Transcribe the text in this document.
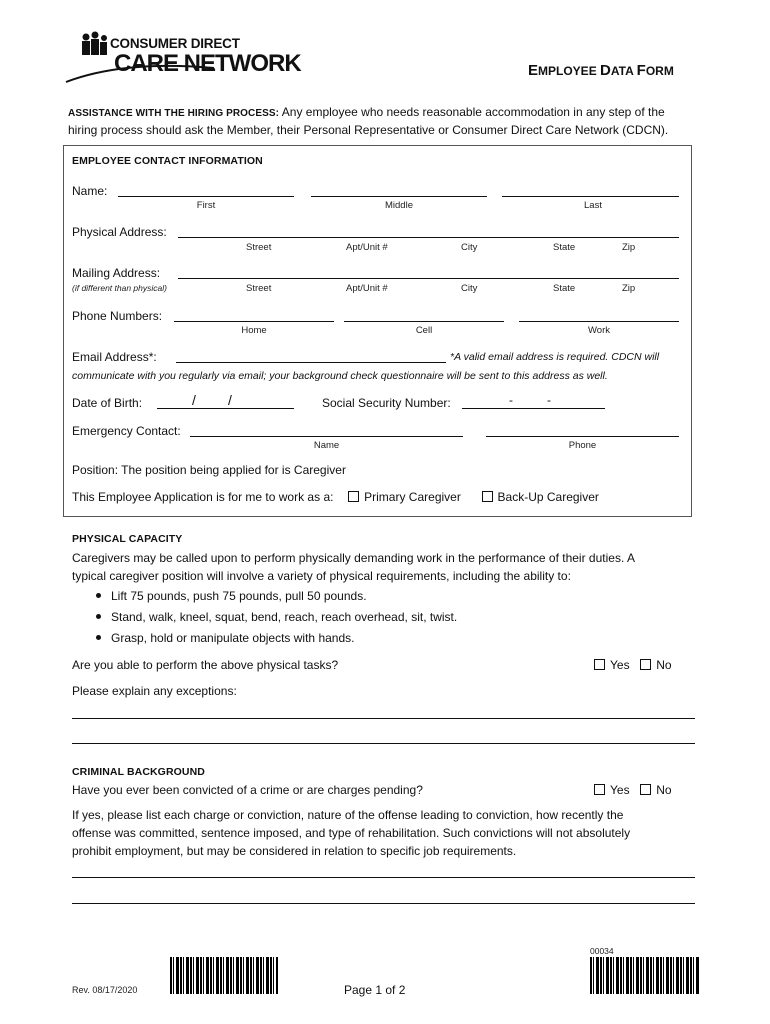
CONSUMER DIRECT
CARE NETWORK	EMPLOYEE DATA FORM
ASSISTANCE WITH THE HIRING PROCESS: Any employee who needs reasonable accommodation in any step of the
hiring process should ask the Member, their Personal Representative or Consumer Direct Care Network (CDCN).
EMPLOYEE CONTACT INFORMATION
Name:
First	Middle	Last
Physical Address:
Street	Apt/Unit #	City	State	Zip
Mailing Address:
(if different than physical)	Street	Apt/Unit #	City	State	Zip
Phone Numbers:
Home	Cell	Work
Email Address*:	*A valid email address is required. CDCN will
communicate with you regularly via email; your background check questionnaire will be sent to this address as well.
Date of Birth:	/ /	Social Security Number:	-	-
Emergency Contact:
Name	Phone
Position: The position being applied for is Caregiver
This Employee Application is for me to work as a:	Primary Caregiver	Back-Up Caregiver
PHYSICAL CAPACITY
Caregivers may be called upon to perform physically demanding work in the performance of their duties. A
typical caregiver position will involve a variety of physical requirements, including the ability to:
Lift 75 pounds, push 75 pounds, pull 50 pounds.
Stand, walk, kneel, squat, bend, reach, reach overhead, sit, twist.
Grasp, hold or manipulate objects with hands.
Are you able to perform the above physical tasks?	Yes No
Please explain any exceptions:
CRIMINAL BACKGROUND
Have you ever been convicted of a crime or are charges pending?	Yes No
If yes, please list each charge or conviction, nature of the offense leading to conviction, how recently the
offense was committed, sentence imposed, and type of rehabilitation. Such convictions will not absolutely
prohibit employment, but may be considered in relation to specific job requirements.
Rev. 08/17/2020	Page 1 of 2
00034
